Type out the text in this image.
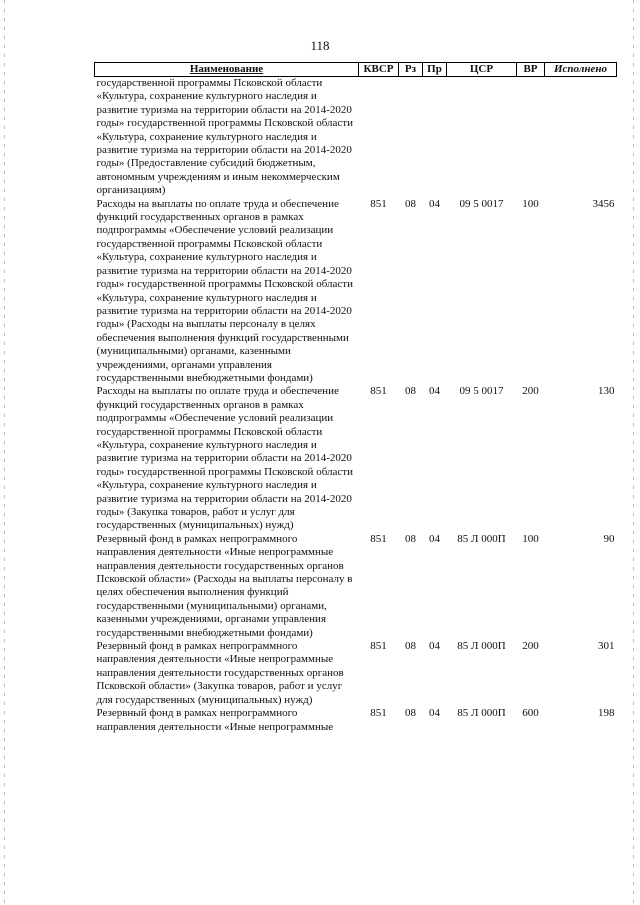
118
Наименование	КВСР	Рз	Пр	ЦСР	ВР	Исполнено
государственной программы Псковской области «Культура, сохранение культурного наследия и развитие туризма на территории области на 2014-2020 годы» государственной программы Псковской области «Культура, сохранение культурного наследия и развитие туризма на территории области на 2014-2020 годы» (Предоставление субсидий бюджетным, автономным учреждениям и иным некоммерческим организациям)						
Расходы на выплаты по оплате труда и обеспечение функций государственных органов в рамках подпрограммы «Обеспечение условий реализации государственной программы Псковской области «Культура, сохранение культурного наследия и развитие туризма на территории области на 2014-2020 годы» государственной программы Псковской области «Культура, сохранение культурного наследия и развитие туризма на территории области на 2014-2020 годы» (Расходы на выплаты персоналу в целях обеспечения выполнения функций государственными (муниципальными) органами, казенными учреждениями, органами управления государственными внебюджетными фондами)	851	08	04	09 5 0017	100	3456
Расходы на выплаты по оплате труда и обеспечение функций государственных органов в рамках подпрограммы «Обеспечение условий реализации государственной программы Псковской области «Культура, сохранение культурного наследия и развитие туризма на территории области на 2014-2020 годы» государственной программы Псковской области «Культура, сохранение культурного наследия и развитие туризма на территории области на 2014-2020 годы» (Закупка товаров, работ и услуг для государственных (муниципальных) нужд)	851	08	04	09 5 0017	200	130
Резервный фонд в рамках непрограммного направления деятельности «Иные непрограммные направления деятельности государственных органов Псковской области» (Расходы на выплаты персоналу в целях обеспечения выполнения функций государственными (муниципальными) органами, казенными учреждениями, органами управления государственными внебюджетными фондами)	851	08	04	85 Л 000П	100	90
Резервный фонд в рамках непрограммного направления деятельности «Иные непрограммные направления деятельности государственных органов Псковской области» (Закупка товаров, работ и услуг для государственных (муниципальных) нужд)	851	08	04	85 Л 000П	200	301
Резервный фонд в рамках непрограммного направления деятельности «Иные непрограммные	851	08	04	85 Л 000П	600	198
